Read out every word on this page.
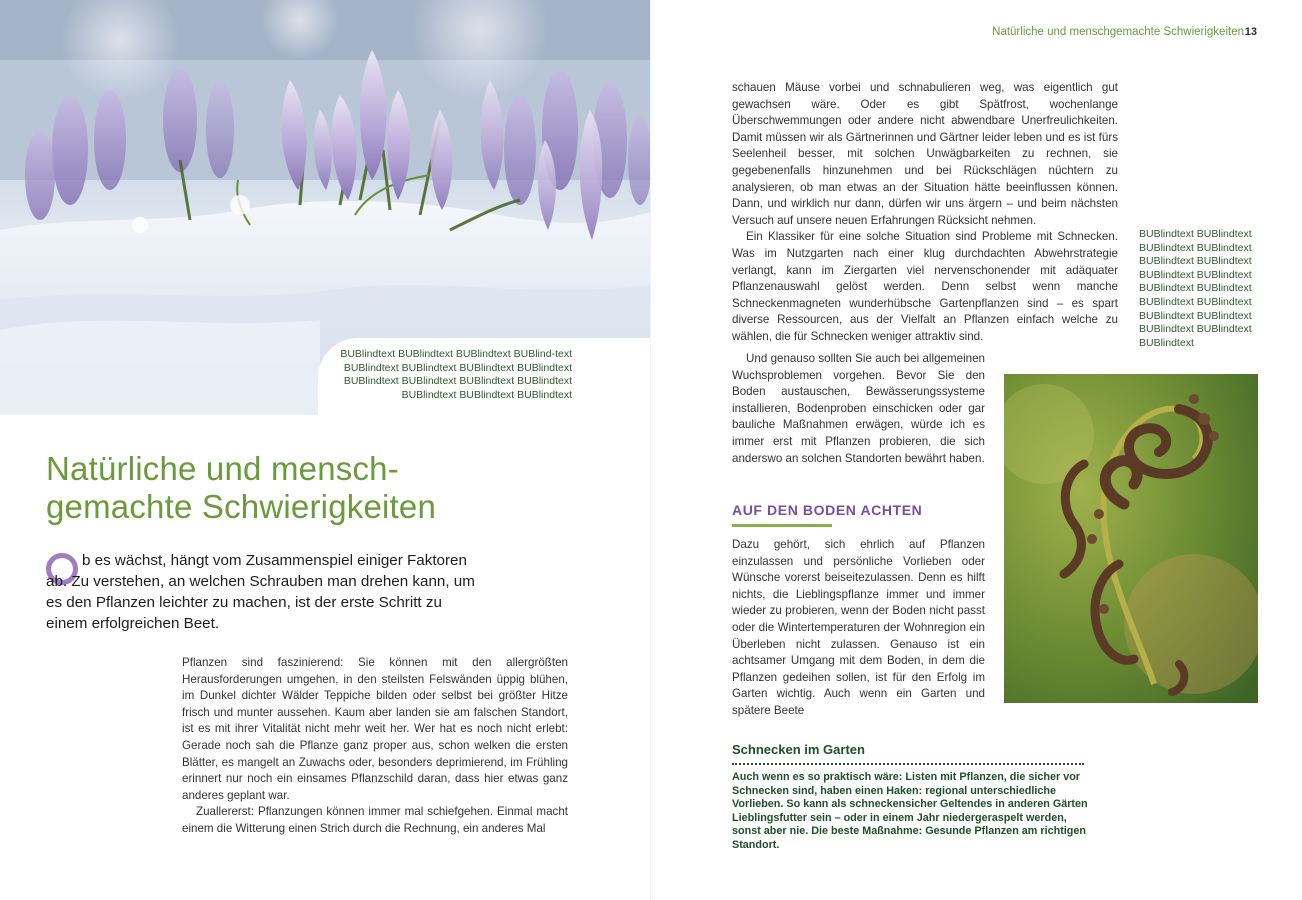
BUBlindtext BUBlindtext BUBlindtext BUBlind-text BUBlindtext BUBlindtext BUBlindtext BUBlindtext BUBlindtext BUBlindtext BUBlindtext BUBlindtext BUBlindtext BUBlindtext BUBlindtext

Natürliche und mensch-gemachte Schwierigkeiten

b es wächst, hängt vom Zusammenspiel einiger Faktoren ab. Zu verstehen, an welchen Schrauben man drehen kann, um es den Pflanzen leichter zu machen, ist der erste Schritt zu einem erfolgreichen Beet.

Pflanzen sind faszinierend: Sie können mit den allergrößten Herausforderungen umgehen, in den steilsten Felswänden üppig blühen, im Dunkel dichter Wälder Teppiche bilden oder selbst bei größter Hitze frisch und munter aussehen. Kaum aber landen sie am falschen Standort, ist es mit ihrer Vitalität nicht mehr weit her. Wer hat es noch nicht erlebt: Gerade noch sah die Pflanze ganz proper aus, schon welken die ersten Blätter, es mangelt an Zuwachs oder, besonders deprimierend, im Frühling erinnert nur noch ein einsames Pflanzschild daran, dass hier etwas ganz anderes geplant war.

Zuallererst: Pflanzungen können immer mal schiefgehen. Einmal macht einem die Witterung einen Strich durch die Rechnung, ein anderes Mal

Natürliche und menschgemachte Schwierigkeiten 13

schauen Mäuse vorbei und schnabulieren weg, was eigentlich gut gewachsen wäre. Oder es gibt Spätfrost, wochenlange Überschwemmungen oder andere nicht abwendbare Unerfreulichkeiten. Damit müssen wir als Gärtnerinnen und Gärtner leider leben und es ist fürs Seelenheil besser, mit solchen Unwägbarkeiten zu rechnen, sie gegebenenfalls hinzunehmen und bei Rückschlägen nüchtern zu analysieren, ob man etwas an der Situation hätte beeinflussen können. Dann, und wirklich nur dann, dürfen wir uns ärgern – und beim nächsten Versuch auf unsere neuen Erfahrungen Rücksicht nehmen.

Ein Klassiker für eine solche Situation sind Probleme mit Schnecken. Was im Nutzgarten nach einer klug durchdachten Abwehrstrategie verlangt, kann im Ziergarten viel nervenschonender mit adäquater Pflanzenauswahl gelöst werden. Denn selbst wenn manche Schneckenmagneten wunderhübsche Gartenpflanzen sind – es spart diverse Ressourcen, aus der Vielfalt an Pflanzen einfach welche zu wählen, die für Schnecken weniger attraktiv sind.

BUBlindtext BUBlindtext BUBlindtext BUBlindtext BUBlindtext BUBlindtext BUBlindtext BUBlindtext BUBlindtext BUBlindtext BUBlindtext BUBlindtext BUBlindtext BUBlindtext BUBlindtext BUBlindtext BUBlindtext

Und genauso sollten Sie auch bei allgemeinen Wuchsproblemen vorgehen. Bevor Sie den Boden austauschen, Bewässerungssysteme installieren, Bodenproben einschicken oder gar bauliche Maßnahmen erwägen, würde ich es immer erst mit Pflanzen probieren, die sich anderswo an solchen Standorten bewährt haben.

AUF DEN BODEN ACHTEN

Dazu gehört, sich ehrlich auf Pflanzen einzulassen und persönliche Vorlieben oder Wünsche vorerst beiseitezulassen. Denn es hilft nichts, die Lieblingspflanze immer und immer wieder zu probieren, wenn der Boden nicht passt oder die Wintertemperaturen der Wohnregion ein Überleben nicht zulassen. Genauso ist ein achtsamer Umgang mit dem Boden, in dem die Pflanzen gedeihen sollen, ist für den Erfolg im Garten wichtig. Auch wenn ein Garten und spätere Beete

Schnecken im Garten

Auch wenn es so praktisch wäre: Listen mit Pflanzen, die sicher vor Schnecken sind, haben einen Haken: regional unterschiedliche Vorlieben. So kann als schneckensicher Geltendes in anderen Gärten Lieblingsfutter sein – oder in einem Jahr niedergeraspelt werden, sonst aber nie. Die beste Maßnahme: Gesunde Pflanzen am richtigen Standort.
